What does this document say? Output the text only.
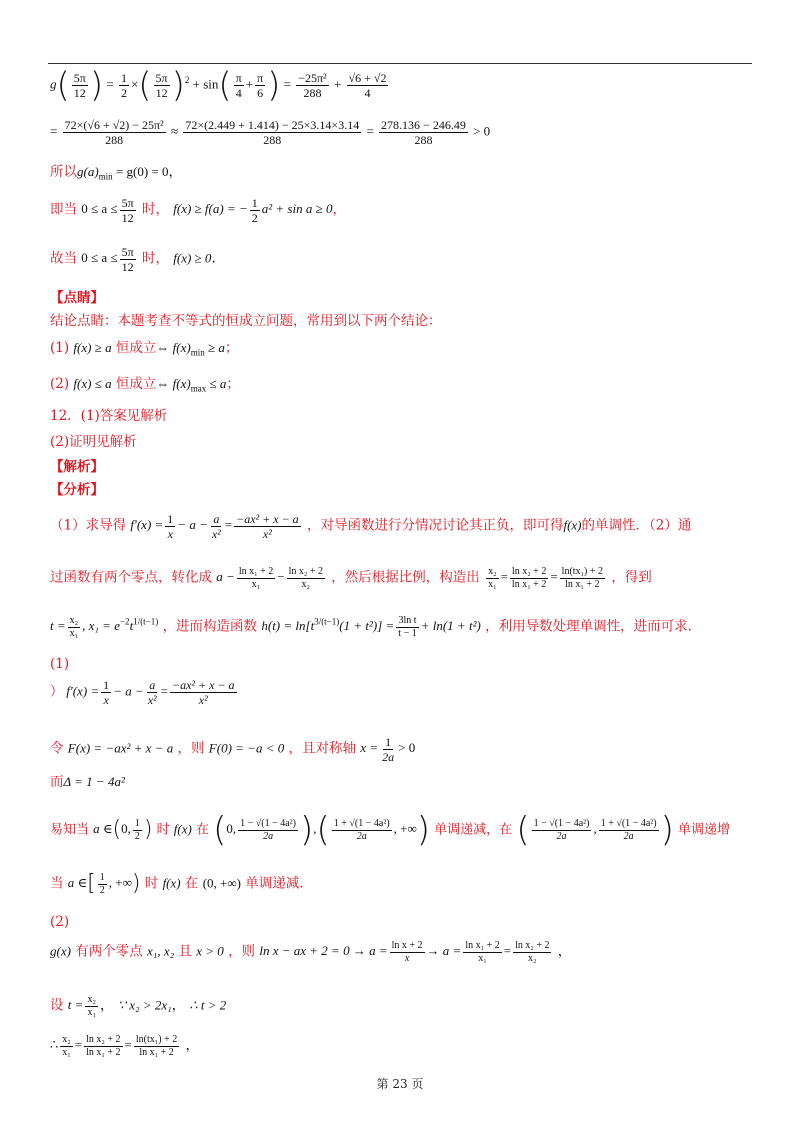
$g( \frac{5\pi}{12}$ ) = $\frac{1}{2}$ ×( $\frac{5\pi}{12} )^2 + \sin( \frac{\pi}{4} + \frac{\pi}{6}$ ) = $\frac{\text{−25π²}}{288} + \frac{√6 + √2}{4}$
= $\frac{\text{72×(√6 + √2) − 25π²}}{288} \approx \frac{72\times(2.449 + 1.414) - 25\times 3.14\times 3.14}{288} = \frac{278.136 - 246.49}{288} > 0$
所以$g(a)_{min} = g(0) = 0$，
即当 $0 \le a \le \frac{5\pi}{12}$ 时， f(x) ≥ f(a) = − $\frac{1}{2} a^2 + \sin a \ge 0$，
故当 $0 \le a \le \frac{5\pi}{12}$ 时， f(x) ≥ 0.
【点睛】
结论点睛：本题考查不等式的恒成立问题，常用到以下两个结论：
(1) f(x) ≥ a 恒成立⇔ $f(x)_{min} \ge a$；
(2) f(x) ≤ a 恒成立⇔ $f(x)_{max} \le a$；
12．(1)答案见解析
(2)证明见解析
【解析】
【分析】
（1）求导得 $f'(x) = \frac{1}{x} - a - \frac{a}{\text{x²}} = \frac{\text{−ax² + x − a}}{\text{x²}}$ ，对导函数进行分情况讨论其正负，即可得f(x)的单调性．（2）通
过函数有两个零点，转化成 $a - \frac{\text{ln x₁ + 2}}{\text{x₁}} - \frac{\text{ln x₂ + 2}}{\text{x₂}}$ ，然后根据比例，构造出 $\frac{\text{x₂}}{\text{x₁}} = \frac{\text{ln x₂ + 2}}{\text{ln x₁ + 2}} = \frac{\text{ln(tx₁) + 2}}{\text{ln x₁ + 2}}$ ，得到
$t = \frac{\text{x₂}}{\text{x₁}}$ , $x_1 = e^{-2}t^{1/(t-1)}$ ，进而构造函数 $h(t) = \ln[t^{3/(t-1)}(1 + t^2)] = \frac{\text{3ln t}}{t - 1} + \ln(1 + t^2)$ ，利用导数处理单调性，进而可求.
(1)
） $f'(x) = \frac{1}{x} - a - \frac{a}{\text{x²}} = \frac{\text{−ax² + x − a}}{\text{x²}}$
令 F(x) = −ax² + x − a ，则 F(0) = −a < 0 ，且对称轴 $x = \frac{1}{2a} > 0$
而Δ = 1 − 4a²
易知当 a ∈(0, $\frac{1}{2}$ ) 时 f(x) 在 (0, $\frac{\text{1 − √(1 − 4a²)}}{2a}$ ),( $\frac{\text{1 + √(1 − 4a²)}}{2a}$ , +∞) 单调递减，在 ( $\frac{\text{1 − √(1 − 4a²)}}{2a}$ , $\frac{\text{1 + √(1 − 4a²)}}{2a}$ ) 单调递增
当 a ∈[ $\frac{1}{2}$ , +∞) 时 f(x) 在 (0, +∞) 单调递减.
(2)
g(x) 有两个零点 x₁, x₂ 且 x > 0 ，则 ln x − ax + $2 = 0 \to a = \frac{\text{ln x + 2}}{x} \to a = \frac{\text{ln x₁ + 2}}{\text{x₁}} = \frac{\text{ln x₂ + 2}}{\text{x₂}}$ ，
设 $t = \frac{\text{x₂}}{\text{x₁}}$ ， ∵ x₂ > 2x₁， ∴ t > 2
∴ $\frac{\text{x₂}}{\text{x₁}} = \frac{\text{ln x₂ + 2}}{\text{ln x₁ + 2}} = \frac{\text{ln(tx₁) + 2}}{\text{ln x₁ + 2}}$ ，
第 23 页
